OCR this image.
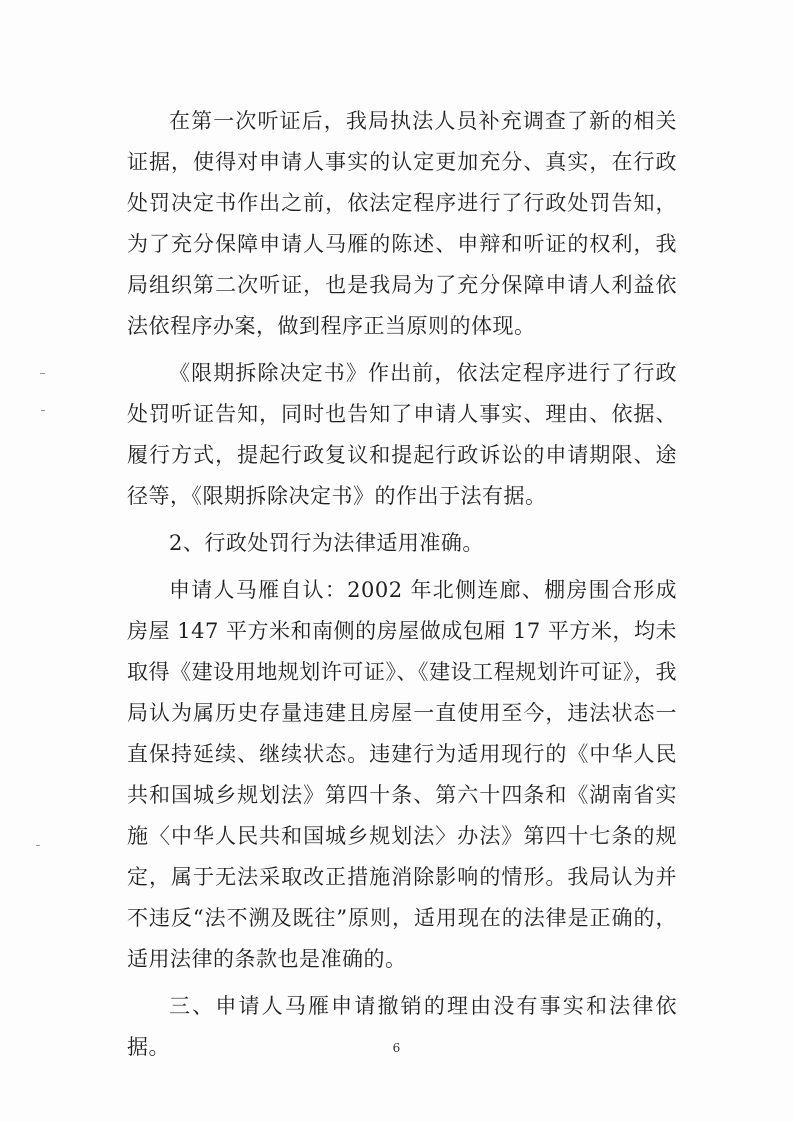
在第一次听证后，我局执法人员补充调查了新的相关证据，使得对申请人事实的认定更加充分、真实，在行政处罚决定书作出之前，依法定程序进行了行政处罚告知，为了充分保障申请人马雁的陈述、申辩和听证的权利，我局组织第二次听证，也是我局为了充分保障申请人利益依法依程序办案，做到程序正当原则的体现。

《限期拆除决定书》作出前，依法定程序进行了行政处罚听证告知，同时也告知了申请人事实、理由、依据、履行方式，提起行政复议和提起行政诉讼的申请期限、途径等，《限期拆除决定书》的作出于法有据。

2、行政处罚行为法律适用准确。

申请人马雁自认：2002 年北侧连廊、棚房围合形成房屋 147 平方米和南侧的房屋做成包厢 17 平方米，均未取得《建设用地规划许可证》、《建设工程规划许可证》，我局认为属历史存量违建且房屋一直使用至今，违法状态一直保持延续、继续状态。违建行为适用现行的《中华人民共和国城乡规划法》第四十条、第六十四条和《湖南省实施〈中华人民共和国城乡规划法〉办法》第四十七条的规定，属于无法采取改正措施消除影响的情形。我局认为并不违反“法不溯及既往”原则，适用现在的法律是正确的，适用法律的条款也是准确的。

三、申请人马雁申请撤销的理由没有事实和法律依据。	6
